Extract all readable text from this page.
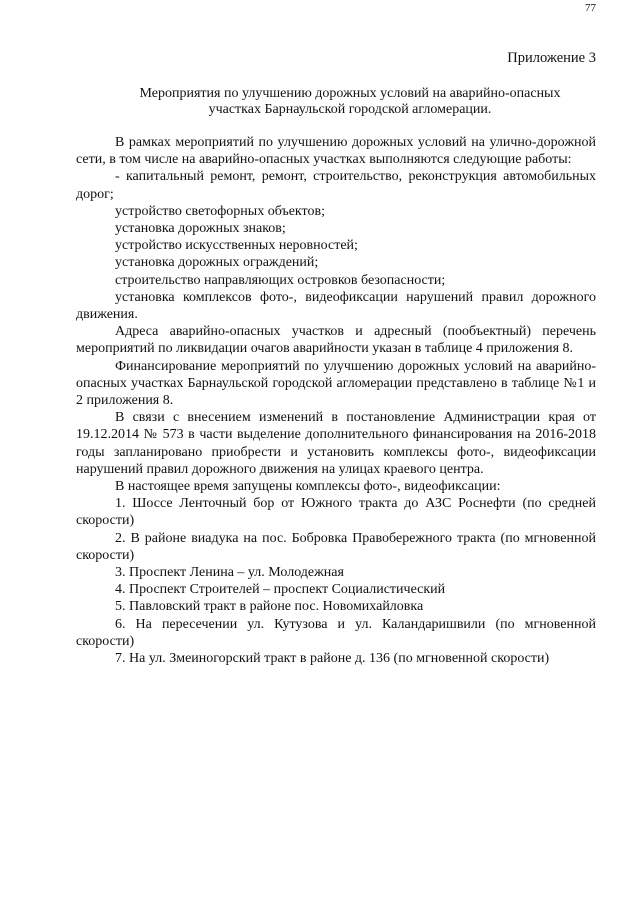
77
Приложение 3
Мероприятия по улучшению дорожных условий на аварийно-опасных
участках Барнаульской городской агломерации.

В рамках мероприятий по улучшению дорожных условий на улично-дорожной сети, в том числе на аварийно-опасных участках выполняются следующие работы:

- капитальный ремонт, ремонт, строительство, реконструкция автомобильных дорог;

устройство светофорных объектов;

установка дорожных знаков;

устройство искусственных неровностей;

установка дорожных ограждений;

строительство направляющих островков безопасности;

установка комплексов фото-, видеофиксации нарушений правил дорожного движения.

Адреса аварийно-опасных участков и адресный (пообъектный) перечень мероприятий по ликвидации очагов аварийности указан в таблице 4 приложения 8.

Финансирование мероприятий по улучшению дорожных условий на аварийно-опасных участках Барнаульской городской агломерации представлено в таблице №1 и 2 приложения 8.

В связи с внесением изменений в постановление Администрации края от 19.12.2014 № 573 в части выделение дополнительного финансирования на 2016-2018 годы запланировано приобрести и установить комплексы фото-, видеофиксации нарушений правил дорожного движения на улицах краевого центра.

В настоящее время запущены комплексы фото-, видеофиксации:

1. Шоссе Ленточный бор от Южного тракта до АЗС Роснефти (по средней скорости)

2. В районе виадука на пос. Бобровка Правобережного тракта (по мгновенной скорости)

3. Проспект Ленина – ул. Молодежная

4. Проспект Строителей – проспект Социалистический

5. Павловский тракт в районе пос. Новомихайловка

6. На пересечении ул. Кутузова и ул. Каландаришвили (по мгновенной скорости)

7. На ул. Змеиногорский тракт в районе д. 136 (по мгновенной скорости)
